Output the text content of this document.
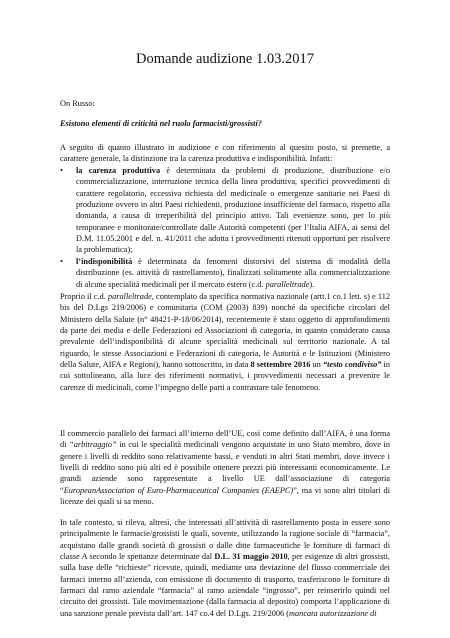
Domande audizione 1.03.2017
On Russo:
Esistono elementi di criticità nel ruolo farmacisti/grossisti?
A seguito di quanto illustrato in audizione e con riferimento al quesito posto, si premette, a carattere generale, la distinzione tra la carenza produttiva e indisponibilità. Infatti:
•	la carenza produttiva è determinata da problemi di produzione, distribuzione e/o commercializzazione, interruzione tecnica della linea produttiva, specifici provvedimenti di carattere regolatorio, eccessiva richiesta del medicinale o emergenze sanitarie nei Paesi di produzione ovvero in altri Paesi richiedenti, produzione insufficiente del farmaco, rispetto alla domanda, a causa di irreperibilità del principio attivo. Tali evenienze sono, per lo più temporanee e monitorate/controllate dalle Autorità competenti (per l’Italia AIFA, ai sensi del D.M. 11.05.2001 e del. n. 41/2011 che adotta i provvedimenti ritenuti opportuni per risolvere la problematica);
•	l’indisponibilità è determinata da fenomeni distorsivi del sistema di modalità della distribuzione (es. attività di rastrellamento), finalizzati solitamente alla commercializzazione di alcune specialità medicinali per il mercato estero (c.d. paralleltrade).
Proprio il c.d. paralleltrade, contemplato da specifica normativa nazionale (artt.1 co.1 lett. s) e 112 bis del D.Lgs 219/2006) e comunitaria (COM (2003) 839) nonché da specifiche circolari del Ministero della Salute (n° 48421-P-18/06/2014), recentemente è stato oggetto di approfondimenti da parte dei media e delle Federazioni ed Associazioni di categoria, in quanto considerato causa prevalente dell’indisponibilità di alcune specialità medicinali sul territorio nazionale. A tal riguardo, le stesse Associazioni e Federazioni di categoria, le Autorità e le Istituzioni (Ministero della Salute, AIFA e Regioni), hanno sottoscritto, in data 8 settembre 2016 un “testo condiviso” in cui sottolineano, alla luce dei riferimenti normativi, i provvedimenti necessari a prevenire le carenze di medicinali, come l’impegno delle parti a contrastare tale fenomeno.
Il commercio parallelo dei farmaci all’interno dell’UE, così come definito dall’AIFA, è una forma di “arbitraggio” in cui le specialità medicinali vengono acquistate in uno Stato membro, dove in genere i livelli di reddito sono relativamente bassi, e venduti in altri Stati membri, dove invece i livelli di reddito sono più alti ed è possibile ottenere prezzi più interessanti economicamente. Le grandi aziende sono rappresentate a livello UE dall’associazione di categoria “EuropeanAssociation of Euro-Pharmaceutical Companies (EAEPC)”, ma vi sono altri titolari di licenze dei quali si sa meno.
In tale contesto, si rileva, altresì, che interessati all’attività di rastrellamento posta in essere sono principalmente le farmacie/grossisti le quali, sovente, utilizzando la ragione sociale di “farmacia”, acquistano dalle grandi società di grossisti o dalle ditte farmaceutiche le forniture di farmaci di classe A secondo le spettanze determinate dal D.L. 31 maggio 2010, per esigenze di altri grossisti, sulla base delle “richieste” ricevute, quindi, mediante una deviazione del flusso commerciale dei farmaci interno all’azienda, con emissione di documento di trasporto, trasferiscono le forniture di farmaci dal ramo aziendale “farmacia” al ramo aziendale “ingrosso”, per reinserirlo quindi nel circuito dei grossisti. Tale movimentazione (dalla farmacia al deposito) comporta l’applicazione di una sanzione penale prevista dall’art. 147 co.4 del D.Lgs. 219/2006 (mancata autorizzazione di
